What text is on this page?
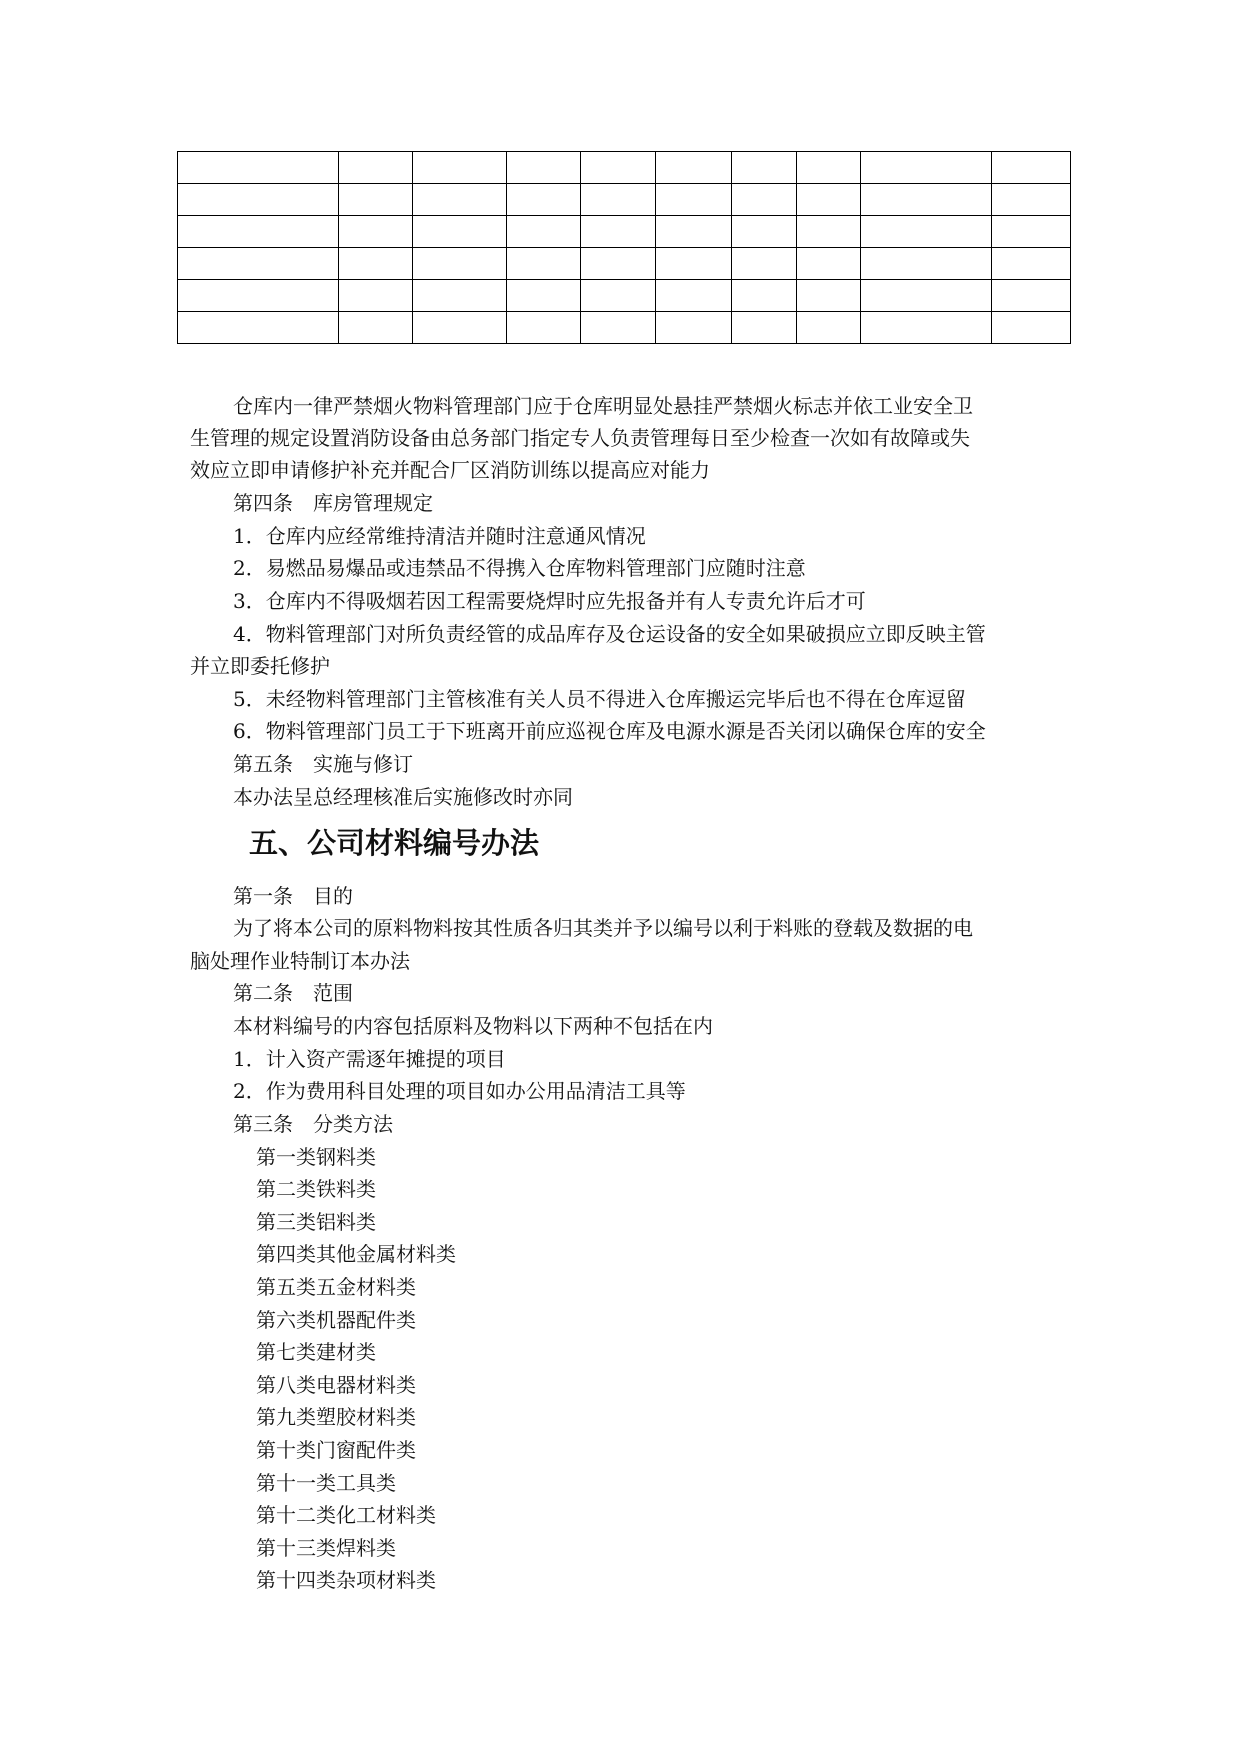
仓库内一律严禁烟火物料管理部门应于仓库明显处悬挂严禁烟火标志并依工业安全卫
生管理的规定设置消防设备由总务部门指定专人负责管理每日至少检查一次如有故障或失
效应立即申请修护补充并配合厂区消防训练以提高应对能力
第四条　库房管理规定
1．仓库内应经常维持清洁并随时注意通风情况
2．易燃品易爆品或违禁品不得携入仓库物料管理部门应随时注意
3．仓库内不得吸烟若因工程需要烧焊时应先报备并有人专责允许后才可
4．物料管理部门对所负责经管的成品库存及仓运设备的安全如果破损应立即反映主管
并立即委托修护
5．未经物料管理部门主管核准有关人员不得进入仓库搬运完毕后也不得在仓库逗留
6．物料管理部门员工于下班离开前应巡视仓库及电源水源是否关闭以确保仓库的安全
第五条　实施与修订
本办法呈总经理核准后实施修改时亦同
五、公司材料编号办法
第一条　目的
为了将本公司的原料物料按其性质各归其类并予以编号以利于料账的登载及数据的电
脑处理作业特制订本办法
第二条　范围
本材料编号的内容包括原料及物料以下两种不包括在内
1．计入资产需逐年摊提的项目
2．作为费用科目处理的项目如办公用品清洁工具等
第三条　分类方法
第一类钢料类
第二类铁料类
第三类铝料类
第四类其他金属材料类
第五类五金材料类
第六类机器配件类
第七类建材类
第八类电器材料类
第九类塑胶材料类
第十类门窗配件类
第十一类工具类
第十二类化工材料类
第十三类焊料类
第十四类杂项材料类
